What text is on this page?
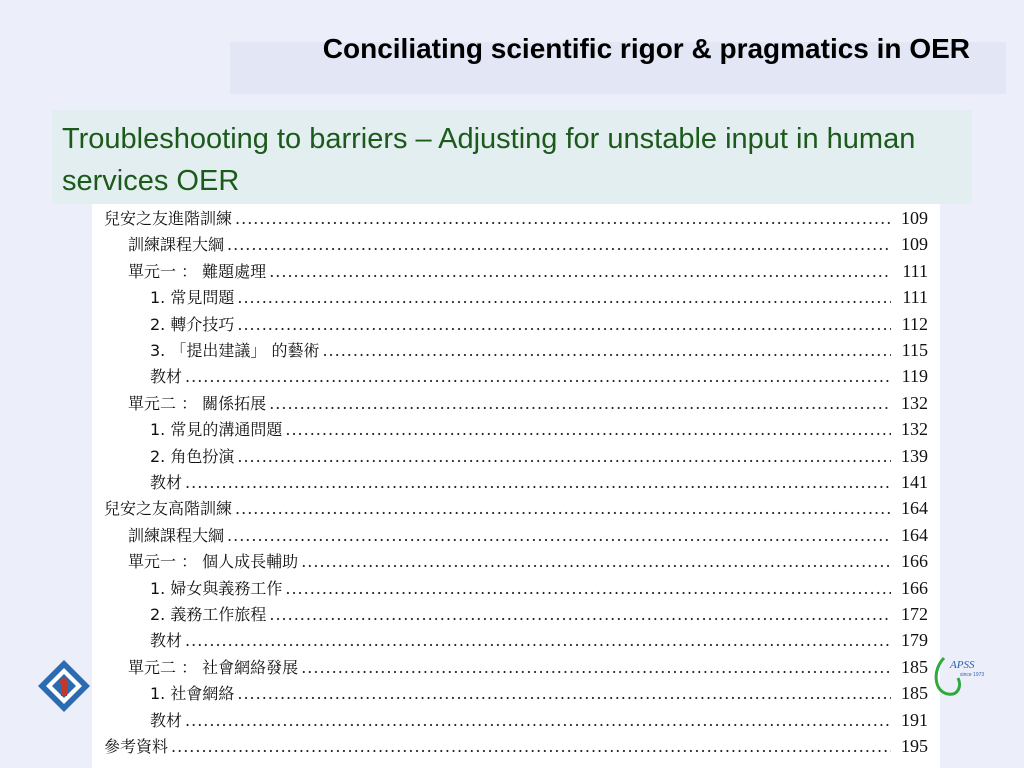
Conciliating scientific rigor & pragmatics in OER
Troubleshooting to barriers – Adjusting for unstable input in human services OER
兒安之友進階訓練 .....	109
訓練課程大綱 .....	109
單元一 ： 難題處理 .....	111
1. 常見問題 .....	111
2. 轉介技巧 .....	112
3. 「提出建議」 的藝術 .....	115
教材 .....	119
單元二 ： 關係拓展 .....	132
1. 常見的溝通問題 .....	132
2. 角色扮演 .....	139
教材 .....	141
兒安之友高階訓練 .....	164
訓練課程大綱 .....	164
單元一 ： 個人成長輔助 .....	166
1. 婦女與義務工作 .....	166
2. 義務工作旅程 .....	172
教材 .....	179
單元二 ： 社會網絡發展 .....	185
1. 社會網絡 .....	185
教材 .....	191
參考資料 .....	195
APSS
since 1973
